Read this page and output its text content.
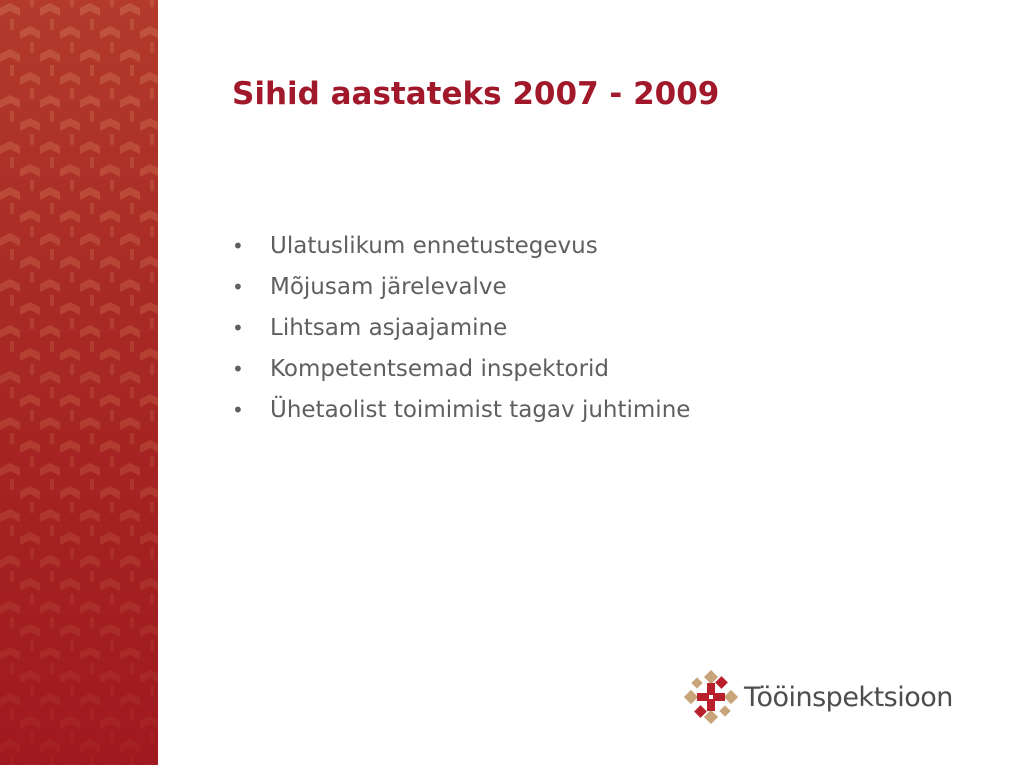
Sihid aastateks 2007 - 2009
•	Ulatuslikum ennetustegevus
•	Mõjusam järelevalve
•	Lihtsam asjaajamine
•	Kompetentsemad inspektorid
•	Ühetaolist toimimist tagav juhtimine
Tööinspektsioon
